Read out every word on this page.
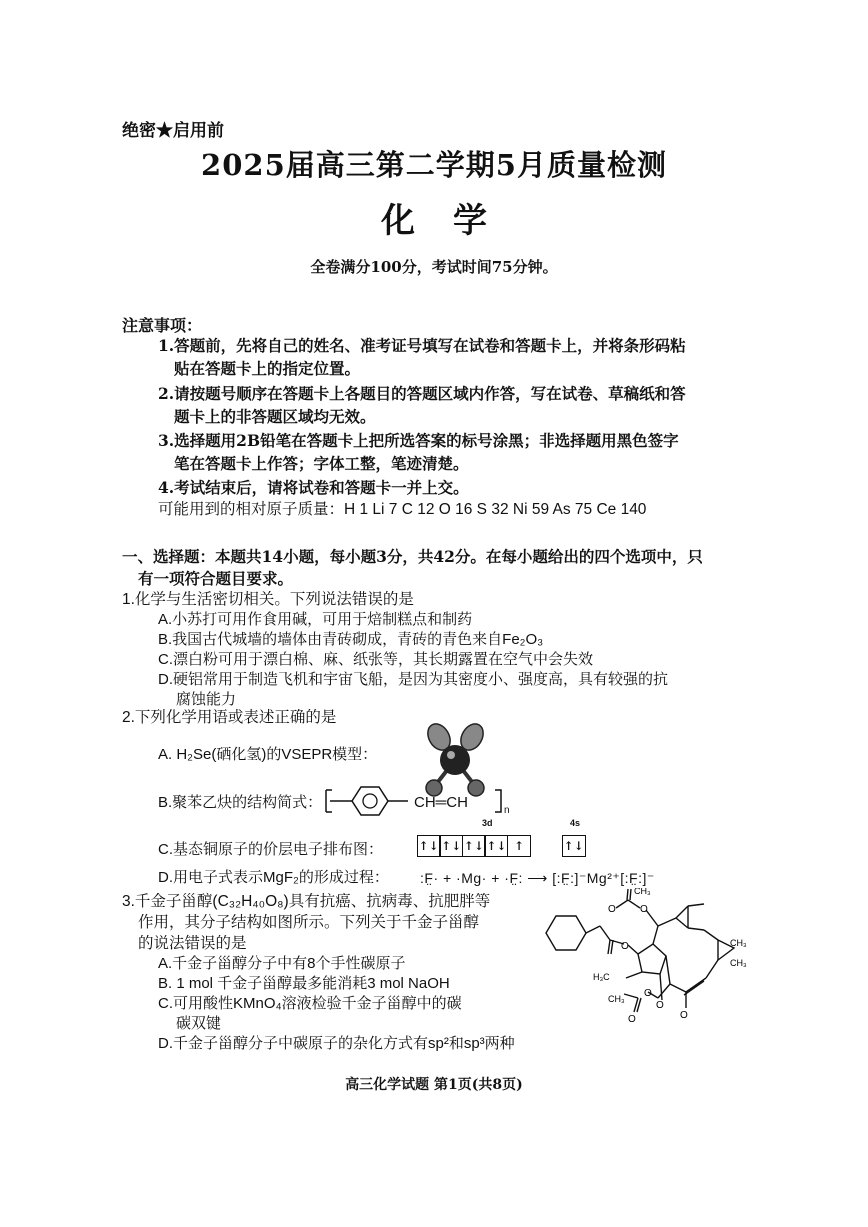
绝密★启用前
2025届高三第二学期5月质量检测
化学
全卷满分100分，考试时间75分钟。
注意事项：
1.答题前，先将自己的姓名、准考证号填写在试卷和答题卡上，并将条形码粘
贴在答题卡上的指定位置。
2.请按题号顺序在答题卡上各题目的答题区域内作答，写在试卷、草稿纸和答
题卡上的非答题区域均无效。
3.选择题用2B铅笔在答题卡上把所选答案的标号涂黑；非选择题用黑色签字
笔在答题卡上作答；字体工整，笔迹清楚。
4.考试结束后，请将试卷和答题卡一并上交。
可能用到的相对原子质量：H 1 Li 7 C 12 O 16 S 32 Ni 59 As 75 Ce 140
一、选择题：本题共14小题，每小题3分，共42分。在每小题给出的四个选项中，只
有一项符合题目要求。
1.化学与生活密切相关。下列说法错误的是
A.小苏打可用作食用碱，可用于焙制糕点和制药
B.我国古代城墙的墙体由青砖砌成，青砖的青色来自Fe₂O₃
C.漂白粉可用于漂白棉、麻、纸张等，其长期露置在空气中会失效
D.硬铝常用于制造飞机和宇宙飞船，是因为其密度小、强度高，具有较强的抗
腐蚀能力
2.下列化学用语或表述正确的是
A. H₂Se(硒化氢)的VSEPR模型：
B.聚苯乙炔的结构简式：	CH═CH	n
C.基态铜原子的价层电子排布图：
3d	4s
↑↓ ↑↓ ↑↓ ↑↓ ↑	↑↓
D.用电子式表示MgF₂的形成过程： :F̤· + ·Mg· + ·F̤: ⟶ [:F̤:]⁻Mg²⁺[:F̤:]⁻
3.千金子甾醇(C₃₂H₄₀O₈)具有抗癌、抗病毒、抗肥胖等
作用，其分子结构如图所示。下列关于千金子甾醇
的说法错误的是
A.千金子甾醇分子中有8个手性碳原子
B. 1 mol 千金子甾醇最多能消耗3 mol NaOH
C.可用酸性KMnO₄溶液检验千金子甾醇中的碳
碳双键
D.千金子甾醇分子中碳原子的杂化方式有sp²和sp³两种
O
O
O
O
O
O	O
CH₃
CH₃
CH₃
H₃C
CH₃
高三化学试题 第1页(共8页)
